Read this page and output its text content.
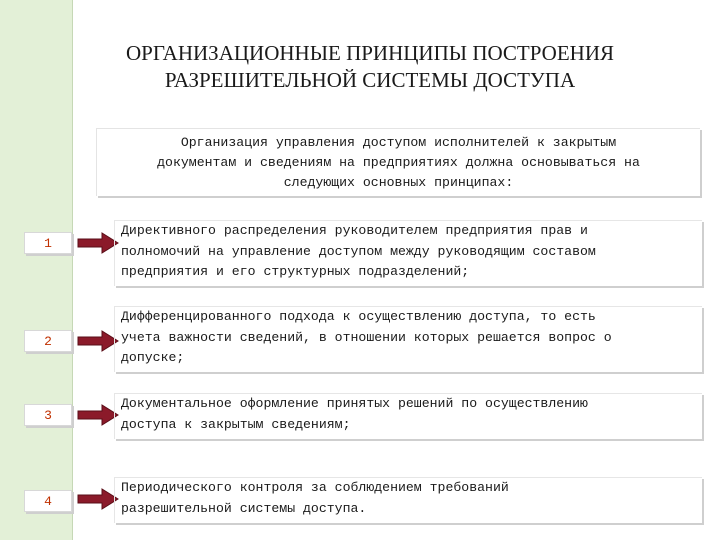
ОРГАНИЗАЦИОННЫЕ ПРИНЦИПЫ ПОСТРОЕНИЯ
РАЗРЕШИТЕЛЬНОЙ СИСТЕМЫ ДОСТУПА
Организация управления доступом исполнителей к закрытым
документам и сведениям на предприятиях должна основываться на
следующих основных принципах:
1
Директивного распределения руководителем предприятия прав и
полномочий на управление доступом между руководящим составом
предприятия и его структурных подразделений;
2
Дифференцированного подхода к осуществлению доступа, то есть
учета важности сведений, в отношении которых решается вопрос о
допуске;
3
Документальное оформление принятых решений по осуществлению
доступа к закрытым сведениям;
4
Периодического контроля за соблюдением требований
разрешительной системы доступа.
